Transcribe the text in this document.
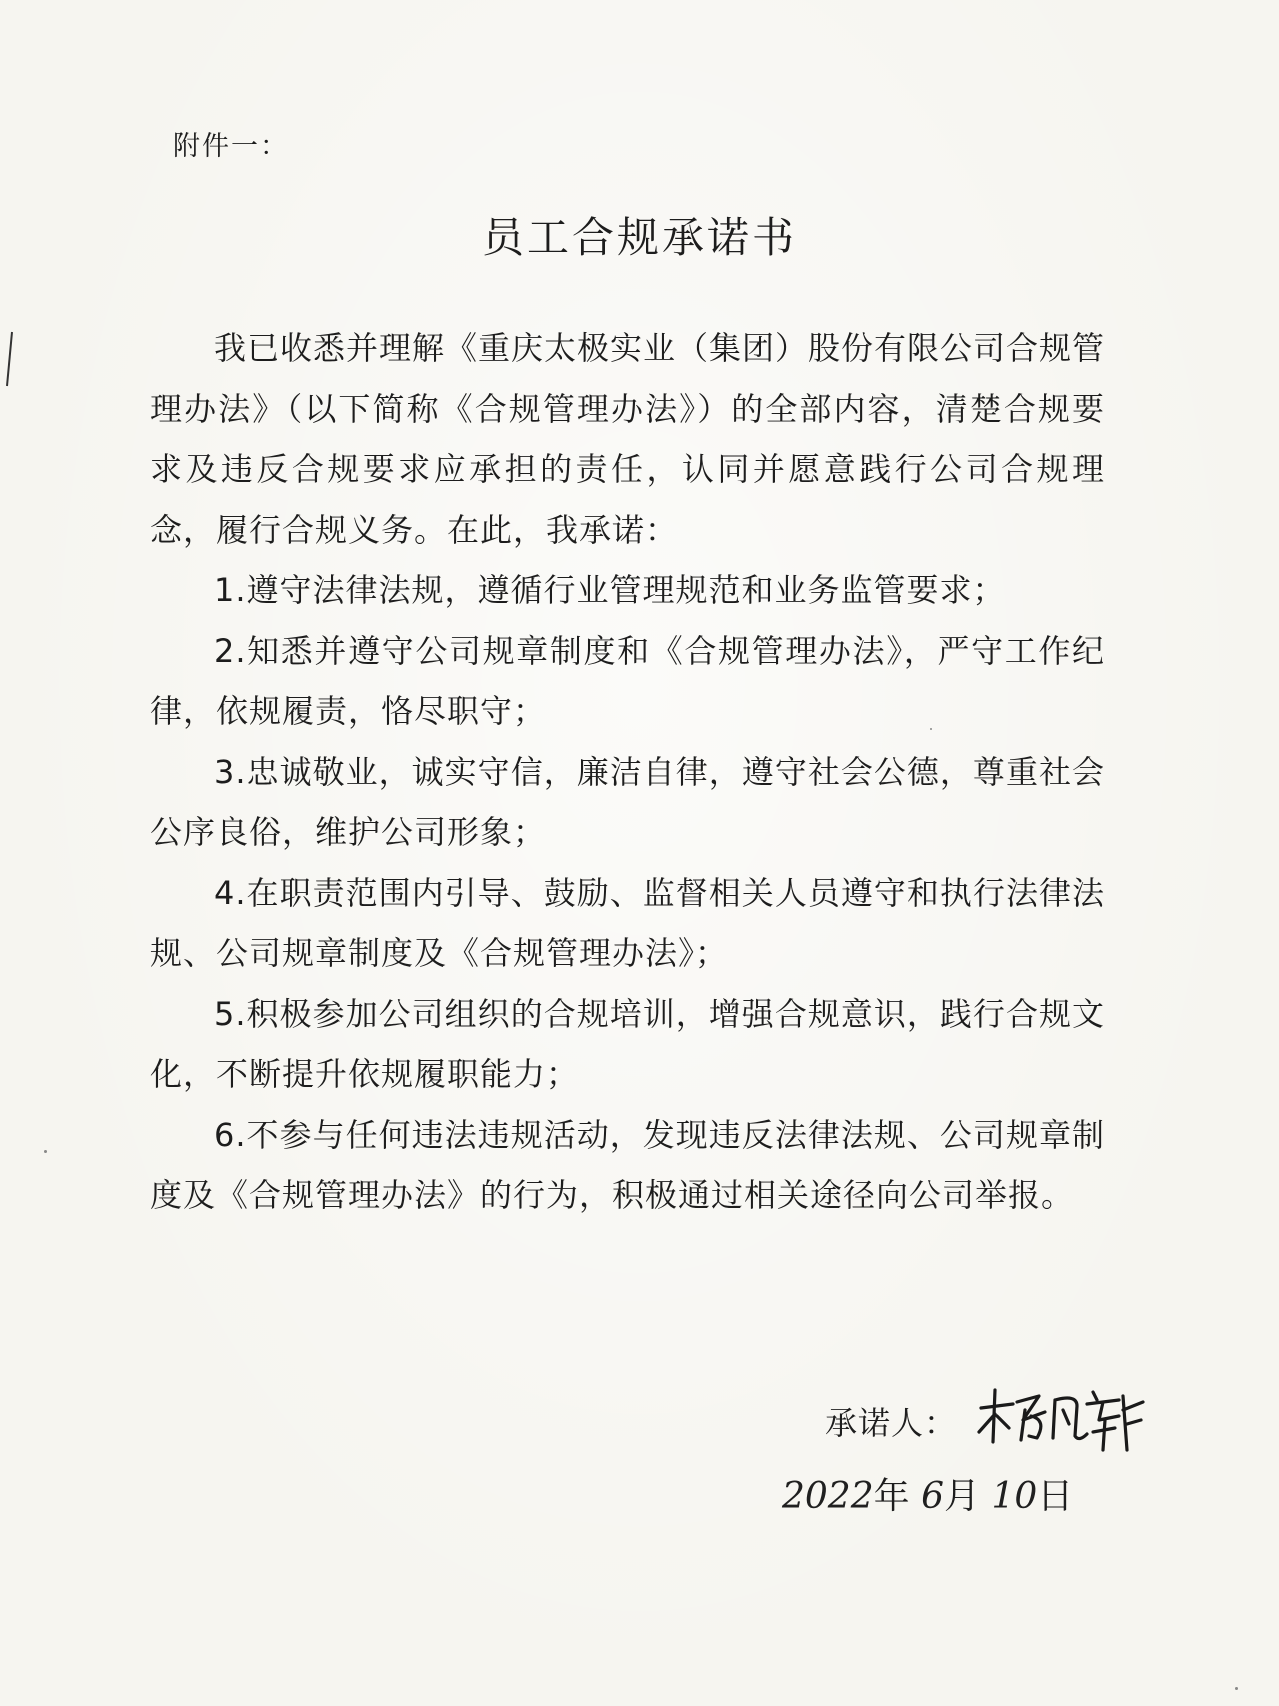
附件一：
员工合规承诺书

我已收悉并理解《重庆太极实业（集团）股份有限公司合规管理办法》（以下简称《合规管理办法》）的全部内容，清楚合规要求及违反合规要求应承担的责任，认同并愿意践行公司合规理念，履行合规义务。在此，我承诺：

1.遵守法律法规，遵循行业管理规范和业务监管要求；

2.知悉并遵守公司规章制度和《合规管理办法》，严守工作纪律，依规履责，恪尽职守；

3.忠诚敬业，诚实守信，廉洁自律，遵守社会公德，尊重社会公序良俗，维护公司形象；

4.在职责范围内引导、鼓励、监督相关人员遵守和执行法律法规、公司规章制度及《合规管理办法》；

5.积极参加公司组织的合规培训，增强合规意识，践行合规文化，不断提升依规履职能力；

6.不参与任何违法违规活动，发现违反法律法规、公司规章制度及《合规管理办法》的行为，积极通过相关途径向公司举报。

承诺人：
2022年 6月 10日
